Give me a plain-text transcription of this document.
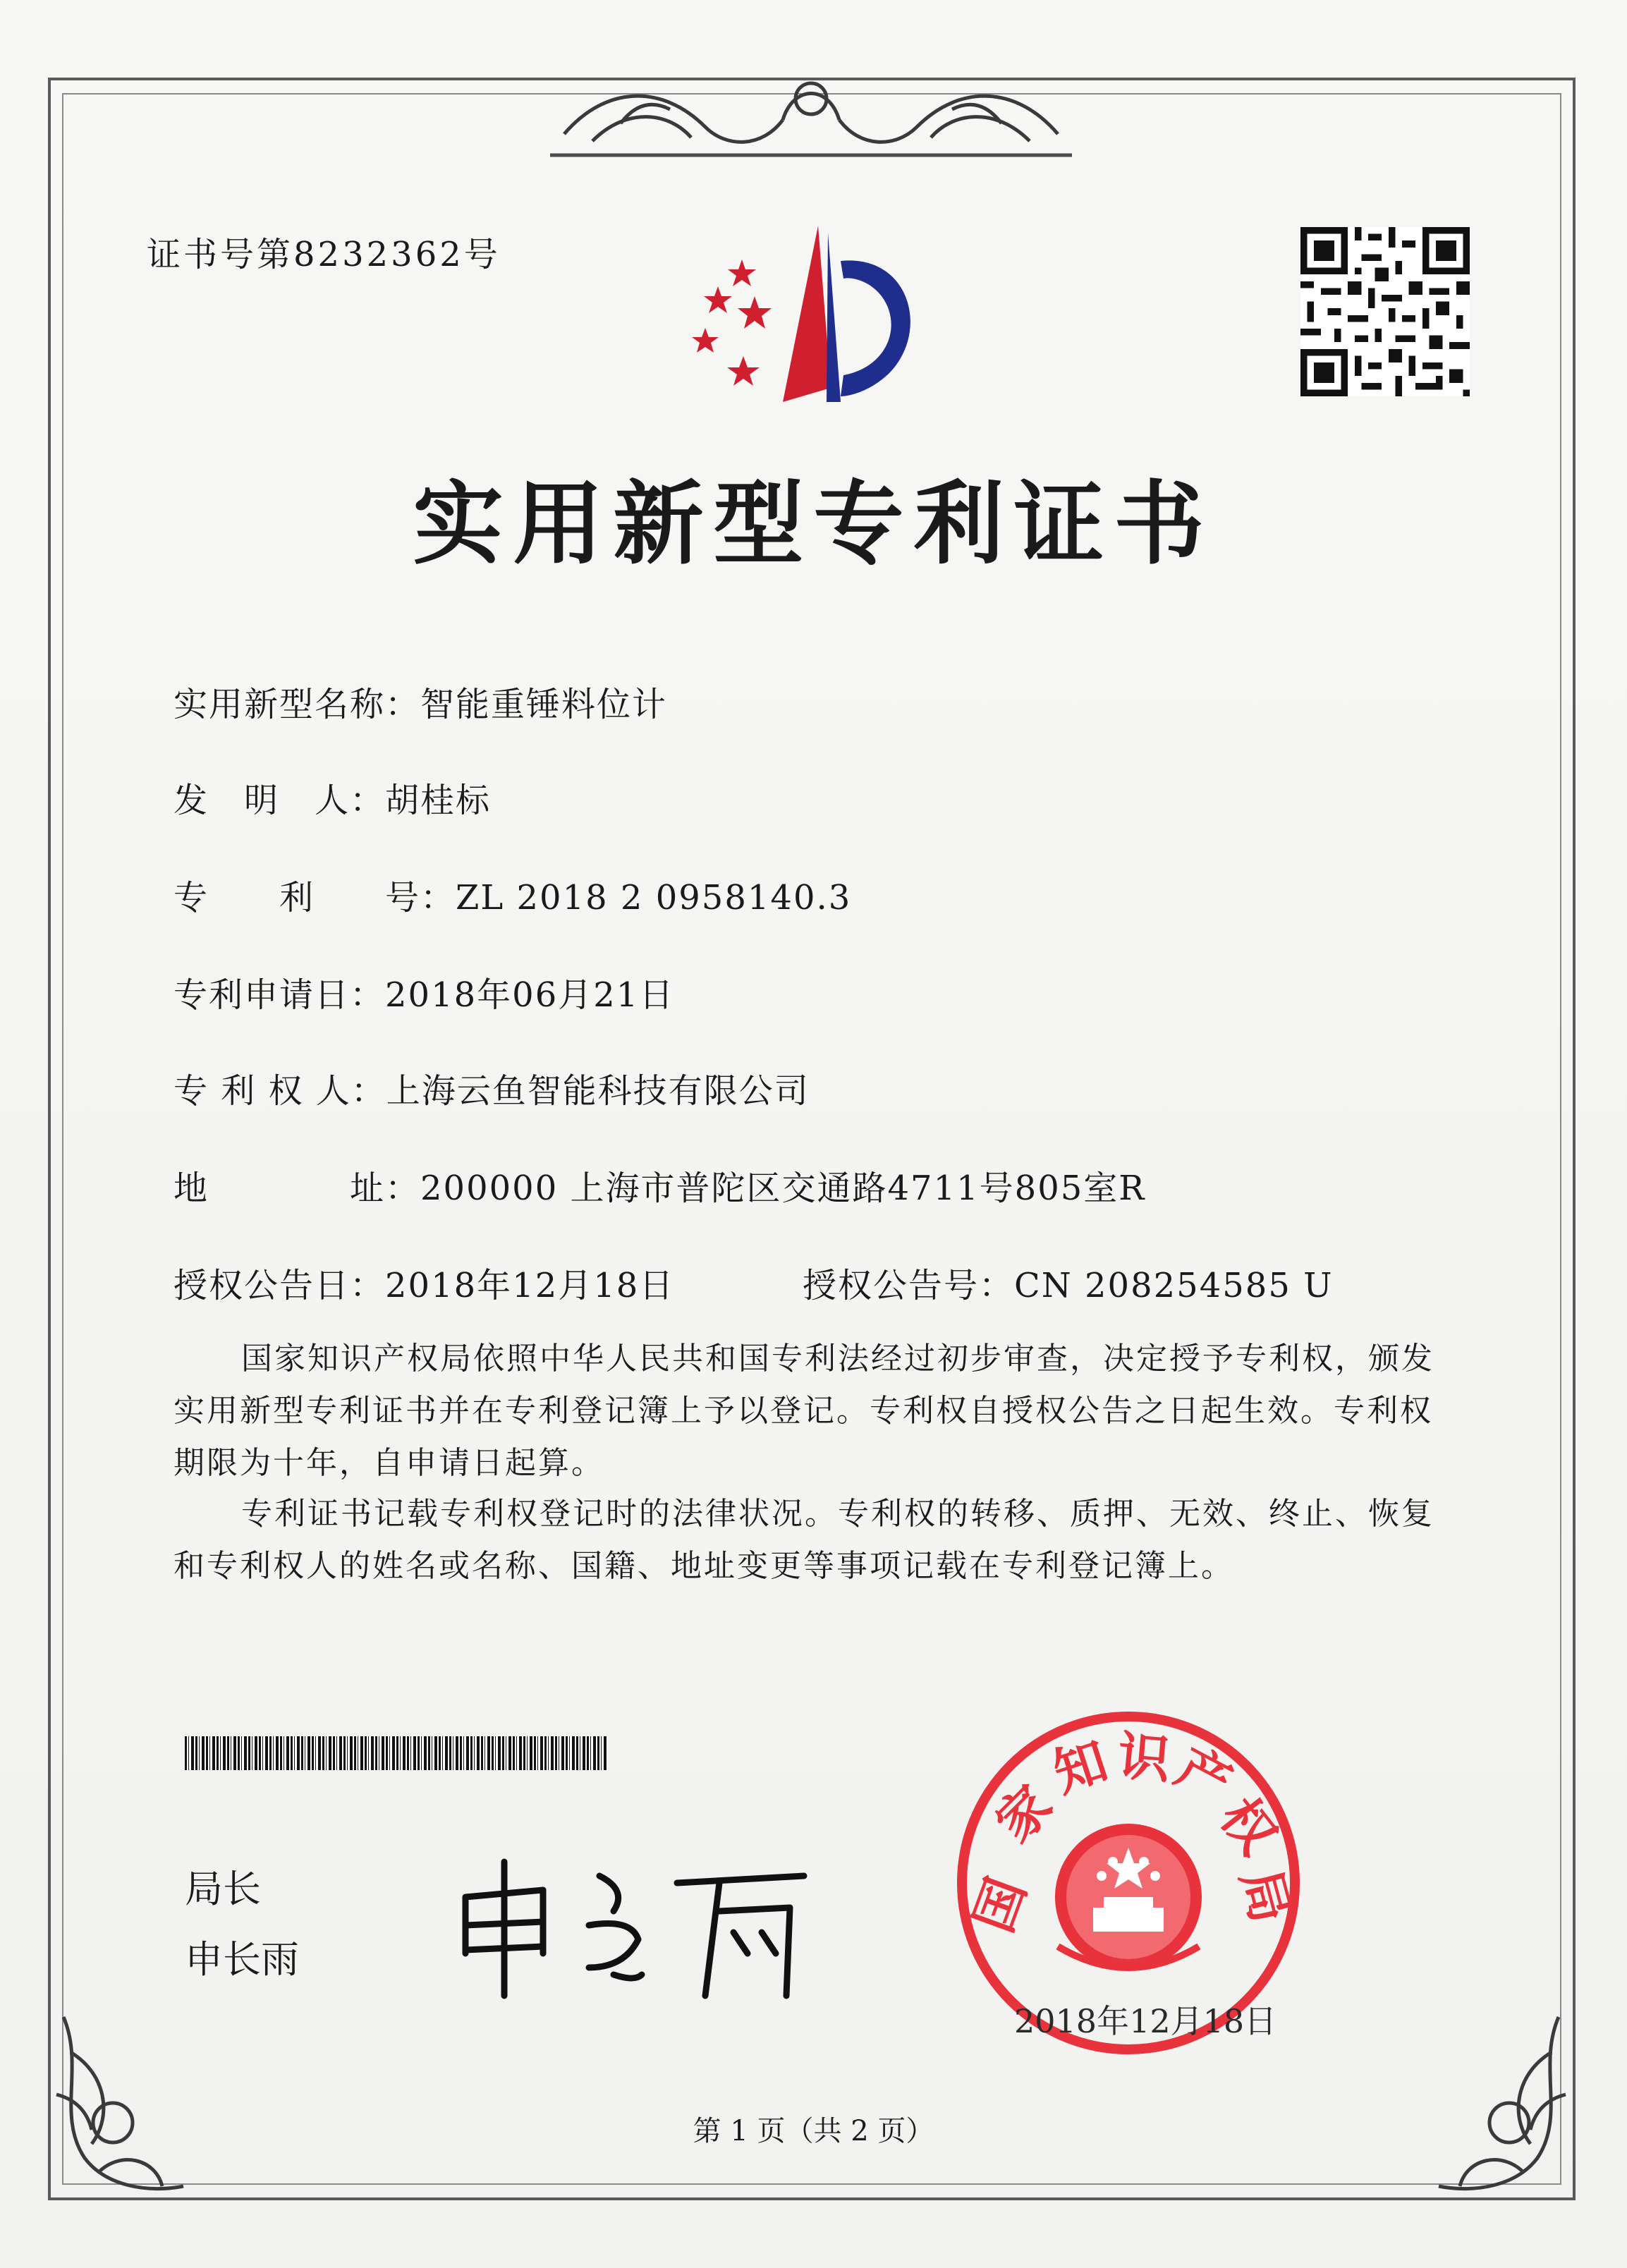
证书号第8232362号
实用新型专利证书
实用新型名称：智能重锤料位计
发　明　人：胡桂标
专　　利　　号：ZL 2018 2 0958140.3
专利申请日：2018年06月21日
专 利 权 人：上海云鱼智能科技有限公司
地　　　　址：200000 上海市普陀区交通路4711号805室R
授权公告日：2018年12月18日	授权公告号：CN 208254585 U
国家知识产权局依照中华人民共和国专利法经过初步审查，决定授予专利权，颁发实用新型专利证书并在专利登记簿上予以登记。专利权自授权公告之日起生效。专利权期限为十年，自申请日起算。
专利证书记载专利权登记时的法律状况。专利权的转移、质押、无效、终止、恢复和专利权人的姓名或名称、国籍、地址变更等事项记载在专利登记簿上。
局长
申长雨
国
家
知 识
产
权
局
2018年12月18日
第 1 页（共 2 页）
